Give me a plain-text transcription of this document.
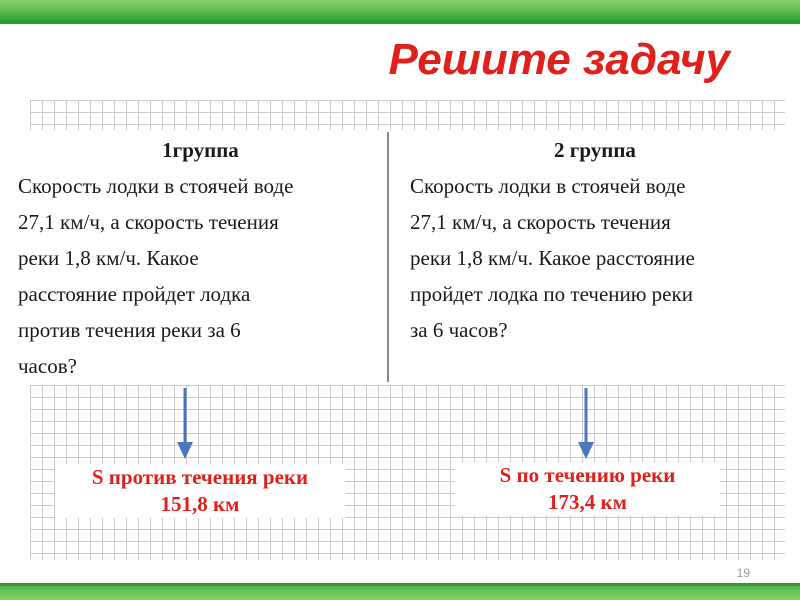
Решите задачу
1группа
Скорость лодки в стоячей воде
27,1 км/ч, а скорость течения
реки 1,8 км/ч. Какое
расстояние пройдет лодка
против течения реки за 6
часов?
2 группа
Скорость лодки в стоячей воде
27,1 км/ч, а скорость течения
реки 1,8 км/ч. Какое расстояние
пройдет лодка по течению реки
за 6 часов?
S против течения реки
151,8 км
S по течению реки
173,4 км
19
